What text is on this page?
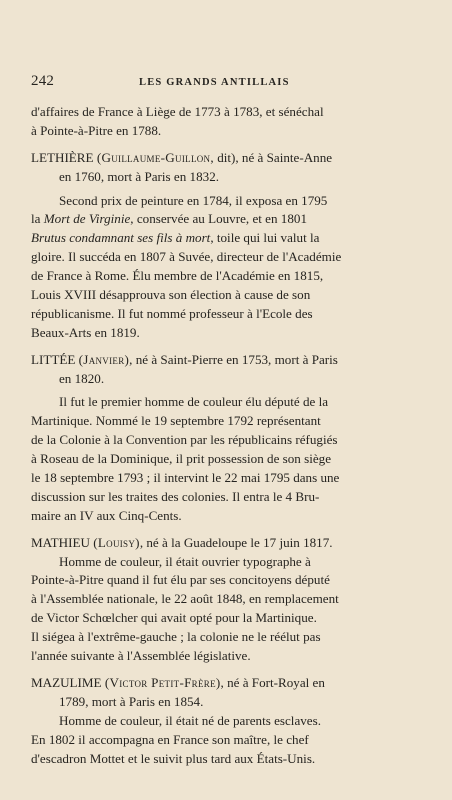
242	LES GRANDS ANTILLAIS
d'affaires de France à Liège de 1773 à 1783, et sénéchal
à Pointe-à-Pitre en 1788.
LETHIÈRE (Guillaume-Guillon, dit), né à Sainte-Anne
en 1760, mort à Paris en 1832.
Second prix de peinture en 1784, il exposa en 1795
la Mort de Virginie, conservée au Louvre, et en 1801
Brutus condamnant ses fils à mort, toile qui lui valut la
gloire. Il succéda en 1807 à Suvée, directeur de l'Académie
de France à Rome. Élu membre de l'Académie en 1815,
Louis XVIII désapprouva son élection à cause de son
républicanisme. Il fut nommé professeur à l'Ecole des
Beaux-Arts en 1819.
LITTÉE (Janvier), né à Saint-Pierre en 1753, mort à Paris
en 1820.
Il fut le premier homme de couleur élu député de la
Martinique. Nommé le 19 septembre 1792 représentant
de la Colonie à la Convention par les républicains réfugiés
à Roseau de la Dominique, il prit possession de son siège
le 18 septembre 1793 ; il intervint le 22 mai 1795 dans une
discussion sur les traites des colonies. Il entra le 4 Bru-
maire an IV aux Cinq-Cents.
MATHIEU (Louisy), né à la Guadeloupe le 17 juin 1817.
Homme de couleur, il était ouvrier typographe à
Pointe-à-Pitre quand il fut élu par ses concitoyens député
à l'Assemblée nationale, le 22 août 1848, en remplacement
de Victor Schœlcher qui avait opté pour la Martinique.
Il siégea à l'extrême-gauche ; la colonie ne le réélut pas
l'année suivante à l'Assemblée législative.
MAZULIME (Victor Petit-Frère), né à Fort-Royal en
1789, mort à Paris en 1854.
Homme de couleur, il était né de parents esclaves.
En 1802 il accompagna en France son maître, le chef
d'escadron Mottet et le suivit plus tard aux États-Unis.
